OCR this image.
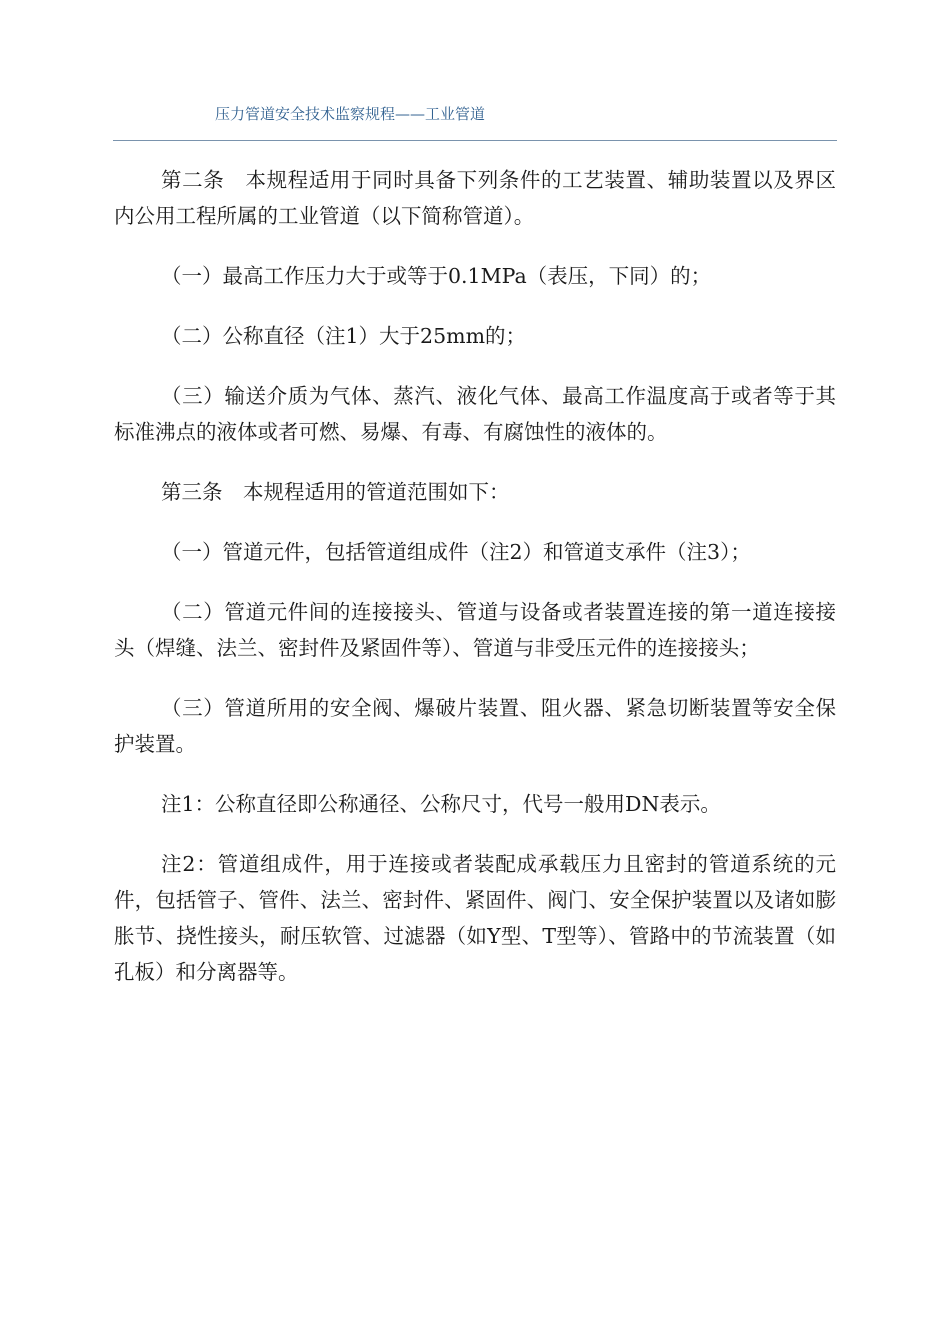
压力管道安全技术监察规程——工业管道

第二条　本规程适用于同时具备下列条件的工艺装置、辅助装置以及界区内公用工程所属的工业管道（以下简称管道）。

（一）最高工作压力大于或等于0.1MPa（表压，下同）的；

（二）公称直径（注1）大于25mm的；

（三）输送介质为气体、蒸汽、液化气体、最高工作温度高于或者等于其标准沸点的液体或者可燃、易爆、有毒、有腐蚀性的液体的。

第三条　本规程适用的管道范围如下：

（一）管道元件，包括管道组成件（注2）和管道支承件（注3）；

（二）管道元件间的连接接头、管道与设备或者装置连接的第一道连接接头（焊缝、法兰、密封件及紧固件等）、管道与非受压元件的连接接头；

（三）管道所用的安全阀、爆破片装置、阻火器、紧急切断装置等安全保护装置。

注1：公称直径即公称通径、公称尺寸，代号一般用DN表示。

注2：管道组成件，用于连接或者装配成承载压力且密封的管道系统的元件，包括管子、管件、法兰、密封件、紧固件、阀门、安全保护装置以及诸如膨胀节、挠性接头，耐压软管、过滤器（如Y型、T型等）、管路中的节流装置（如孔板）和分离器等。
